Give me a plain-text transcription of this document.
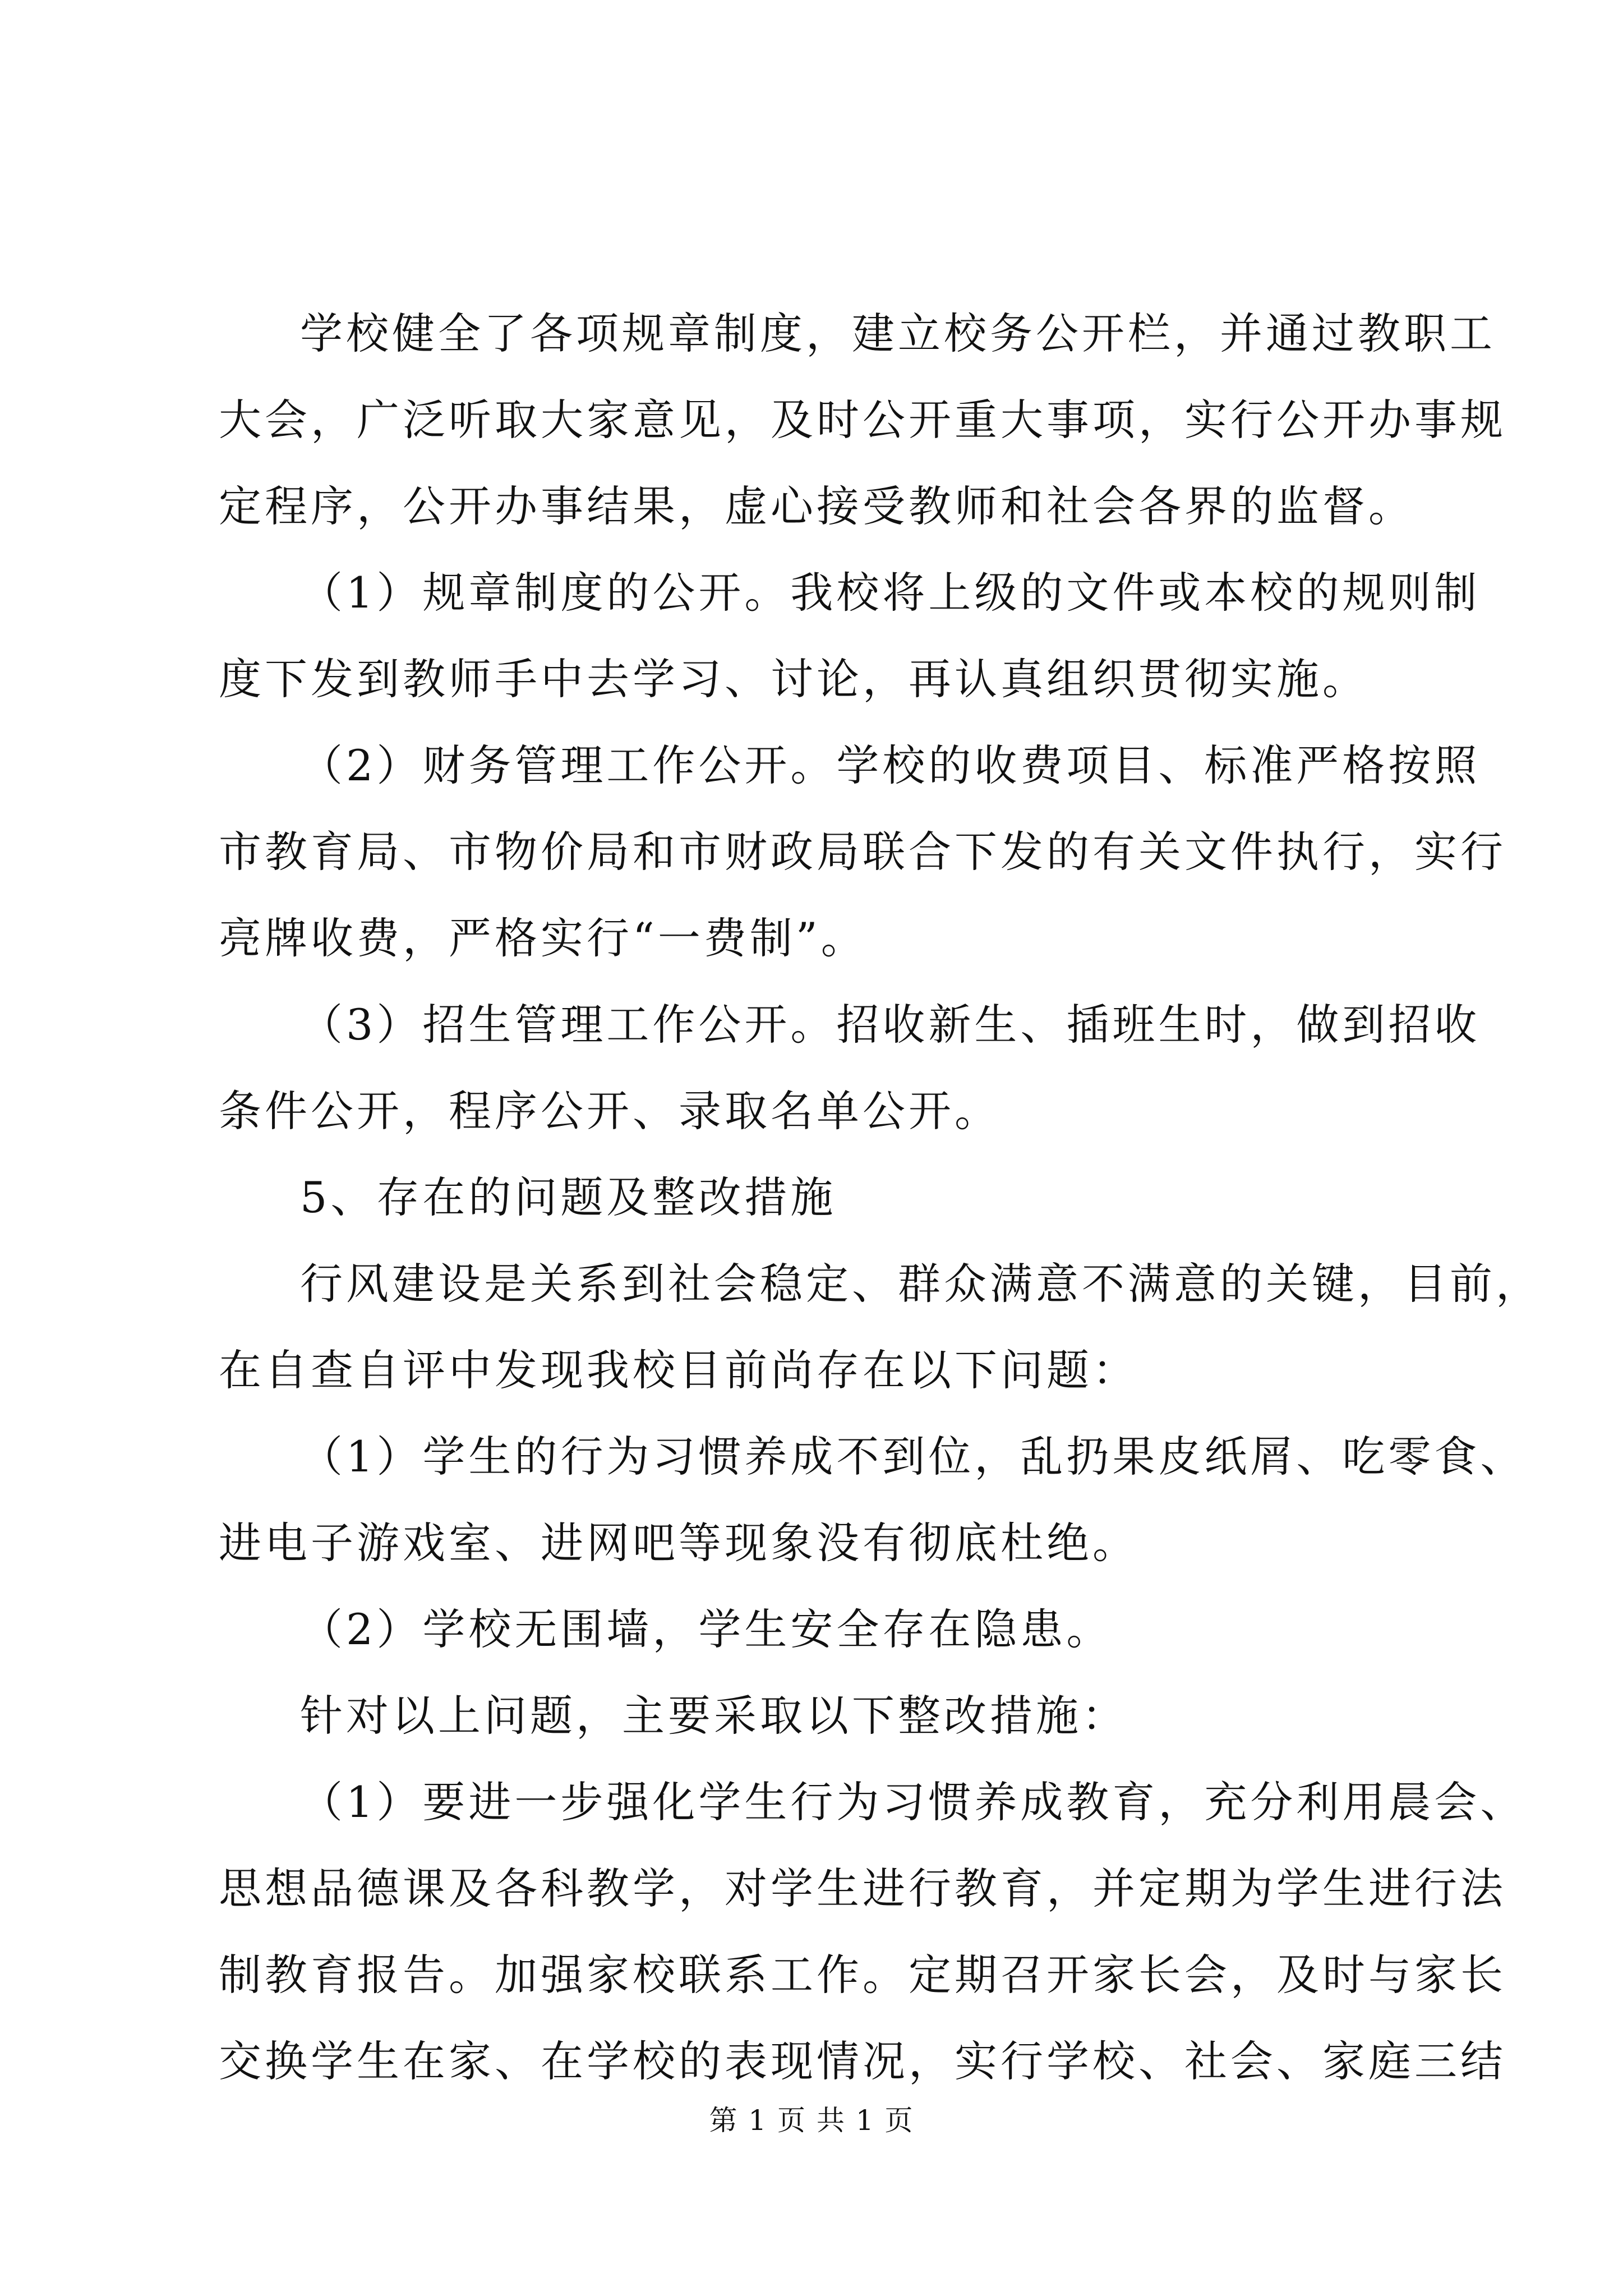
学校健全了各项规章制度，建立校务公开栏，并通过教职工
大会，广泛听取大家意见，及时公开重大事项，实行公开办事规
定程序，公开办事结果，虚心接受教师和社会各界的监督。
（1）规章制度的公开。我校将上级的文件或本校的规则制
度下发到教师手中去学习、讨论，再认真组织贯彻实施。
（2）财务管理工作公开。学校的收费项目、标准严格按照
市教育局、市物价局和市财政局联合下发的有关文件执行，实行
亮牌收费，严格实行“一费制”。
（3）招生管理工作公开。招收新生、插班生时，做到招收
条件公开，程序公开、录取名单公开。
5、存在的问题及整改措施
行风建设是关系到社会稳定、群众满意不满意的关键，目前，
在自查自评中发现我校目前尚存在以下问题：
（1）学生的行为习惯养成不到位，乱扔果皮纸屑、吃零食、
进电子游戏室、进网吧等现象没有彻底杜绝。
（2）学校无围墙，学生安全存在隐患。
针对以上问题，主要采取以下整改措施：
（1）要进一步强化学生行为习惯养成教育，充分利用晨会、
思想品德课及各科教学，对学生进行教育，并定期为学生进行法
制教育报告。加强家校联系工作。定期召开家长会，及时与家长
交换学生在家、在学校的表现情况，实行学校、社会、家庭三结
第 1 页 共 1 页
